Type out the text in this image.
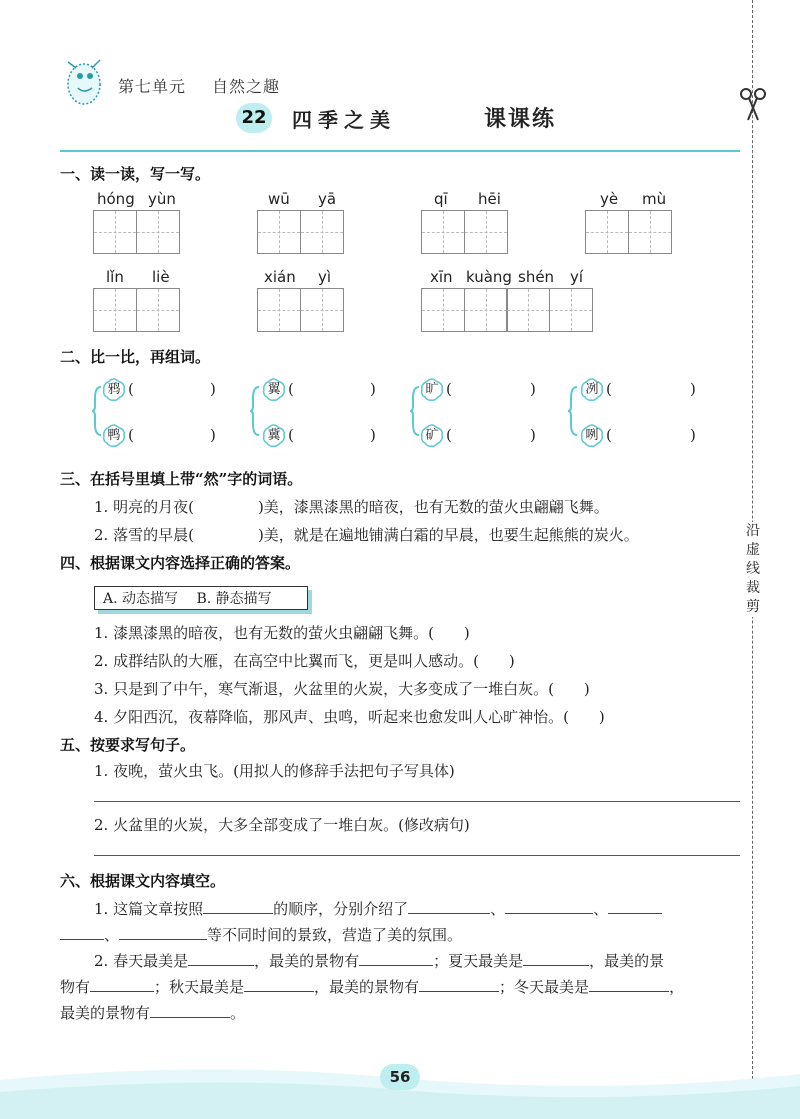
沿虚线裁剪
第七单元 自然之趣
22 四季之美	课课练
一、读一读，写一写。
hóng yùn	wū yā	qī hēi	yè mù
lǐn liè	xián yì	xīn kuàng shén yí
二、比一比，再组词。
鸦 (	)
鸭 (	)
翼 (	)
冀 (	)
旷 (	)
矿 (	)
冽 (	)
咧 (	)
三、在括号里填上带“然”字的词语。
1. 明亮的月夜(	)美，漆黑漆黑的暗夜，也有无数的萤火虫翩翩飞舞。
2. 落雪的早晨(	)美，就是在遍地铺满白霜的早晨，也要生起熊熊的炭火。
四、根据课文内容选择正确的答案。
A. 动态描写　 B. 静态描写
1. 漆黑漆黑的暗夜，也有无数的萤火虫翩翩飞舞。(　　)
2. 成群结队的大雁，在高空中比翼而飞，更是叫人感动。(　　)
3. 只是到了中午，寒气渐退，火盆里的火炭，大多变成了一堆白灰。(　　)
4. 夕阳西沉，夜幕降临，那风声、虫鸣，听起来也愈发叫人心旷神怡。(　　)
五、按要求写句子。
1. 夜晚，萤火虫飞。(用拟人的修辞手法把句子写具体)
2. 火盆里的火炭，大多全部变成了一堆白灰。(修改病句)
六、根据课文内容填空。
1. 这篇文章按照	的顺序，分别介绍了	、	、
、	等不同时间的景致，营造了美的氛围。
2. 春天最美是	，最美的景物有	；夏天最美是	，最美的景
物有	；秋天最美是	，最美的景物有	；冬天最美是	，
最美的景物有	。
56
